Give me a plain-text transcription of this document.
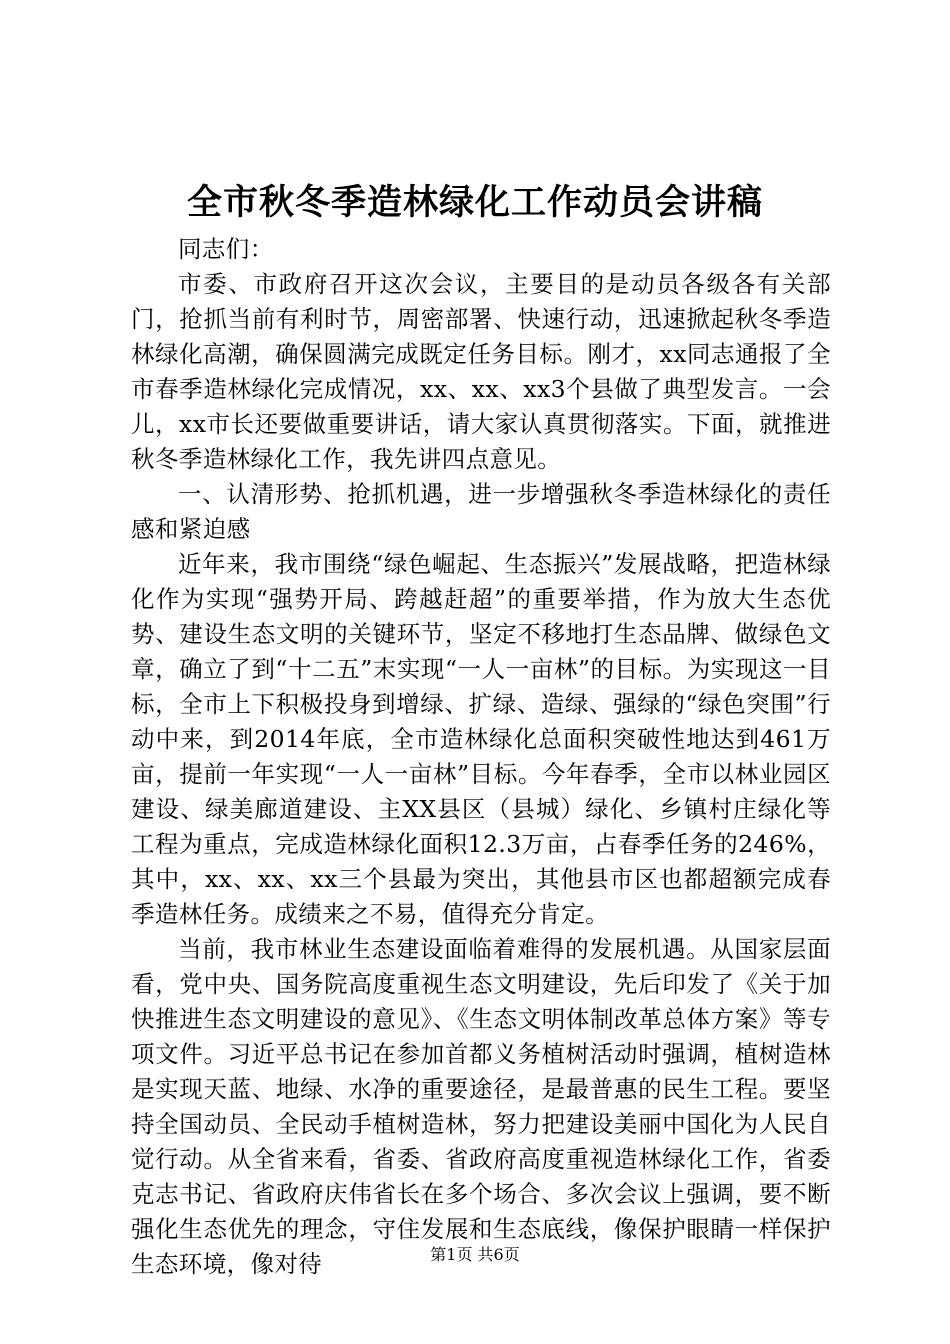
全市秋冬季造林绿化工作动员会讲稿

同志们：

市委、市政府召开这次会议，主要目的是动员各级各有关部门，抢抓当前有利时节，周密部署、快速行动，迅速掀起秋冬季造林绿化高潮，确保圆满完成既定任务目标。刚才，xx同志通报了全市春季造林绿化完成情况，xx、xx、xx3个县做了典型发言。一会儿，xx市长还要做重要讲话，请大家认真贯彻落实。下面，就推进秋冬季造林绿化工作，我先讲四点意见。

一、认清形势、抢抓机遇，进一步增强秋冬季造林绿化的责任感和紧迫感

近年来，我市围绕“绿色崛起、生态振兴”发展战略，把造林绿化作为实现“强势开局、跨越赶超”的重要举措，作为放大生态优势、建设生态文明的关键环节，坚定不移地打生态品牌、做绿色文章，确立了到“十二五”末实现“一人一亩林”的目标。为实现这一目标，全市上下积极投身到增绿、扩绿、造绿、强绿的“绿色突围”行动中来，到2014年底，全市造林绿化总面积突破性地达到461万亩，提前一年实现“一人一亩林”目标。今年春季，全市以林业园区建设、绿美廊道建设、主XX县区（县城）绿化、乡镇村庄绿化等工程为重点，完成造林绿化面积12.3万亩，占春季任务的246%，其中，xx、xx、xx三个县最为突出，其他县市区也都超额完成春季造林任务。成绩来之不易，值得充分肯定。

当前，我市林业生态建设面临着难得的发展机遇。从国家层面看，党中央、国务院高度重视生态文明建设，先后印发了《关于加快推进生态文明建设的意见》、《生态文明体制改革总体方案》等专项文件。习近平总书记在参加首都义务植树活动时强调，植树造林是实现天蓝、地绿、水净的重要途径，是最普惠的民生工程。要坚持全国动员、全民动手植树造林，努力把建设美丽中国化为人民自觉行动。从全省来看，省委、省政府高度重视造林绿化工作，省委克志书记、省政府庆伟省长在多个场合、多次会议上强调，要不断强化生态优先的理念，守住发展和生态底线，像保护眼睛一样保护生态环境，像对待	第1页 共6页
